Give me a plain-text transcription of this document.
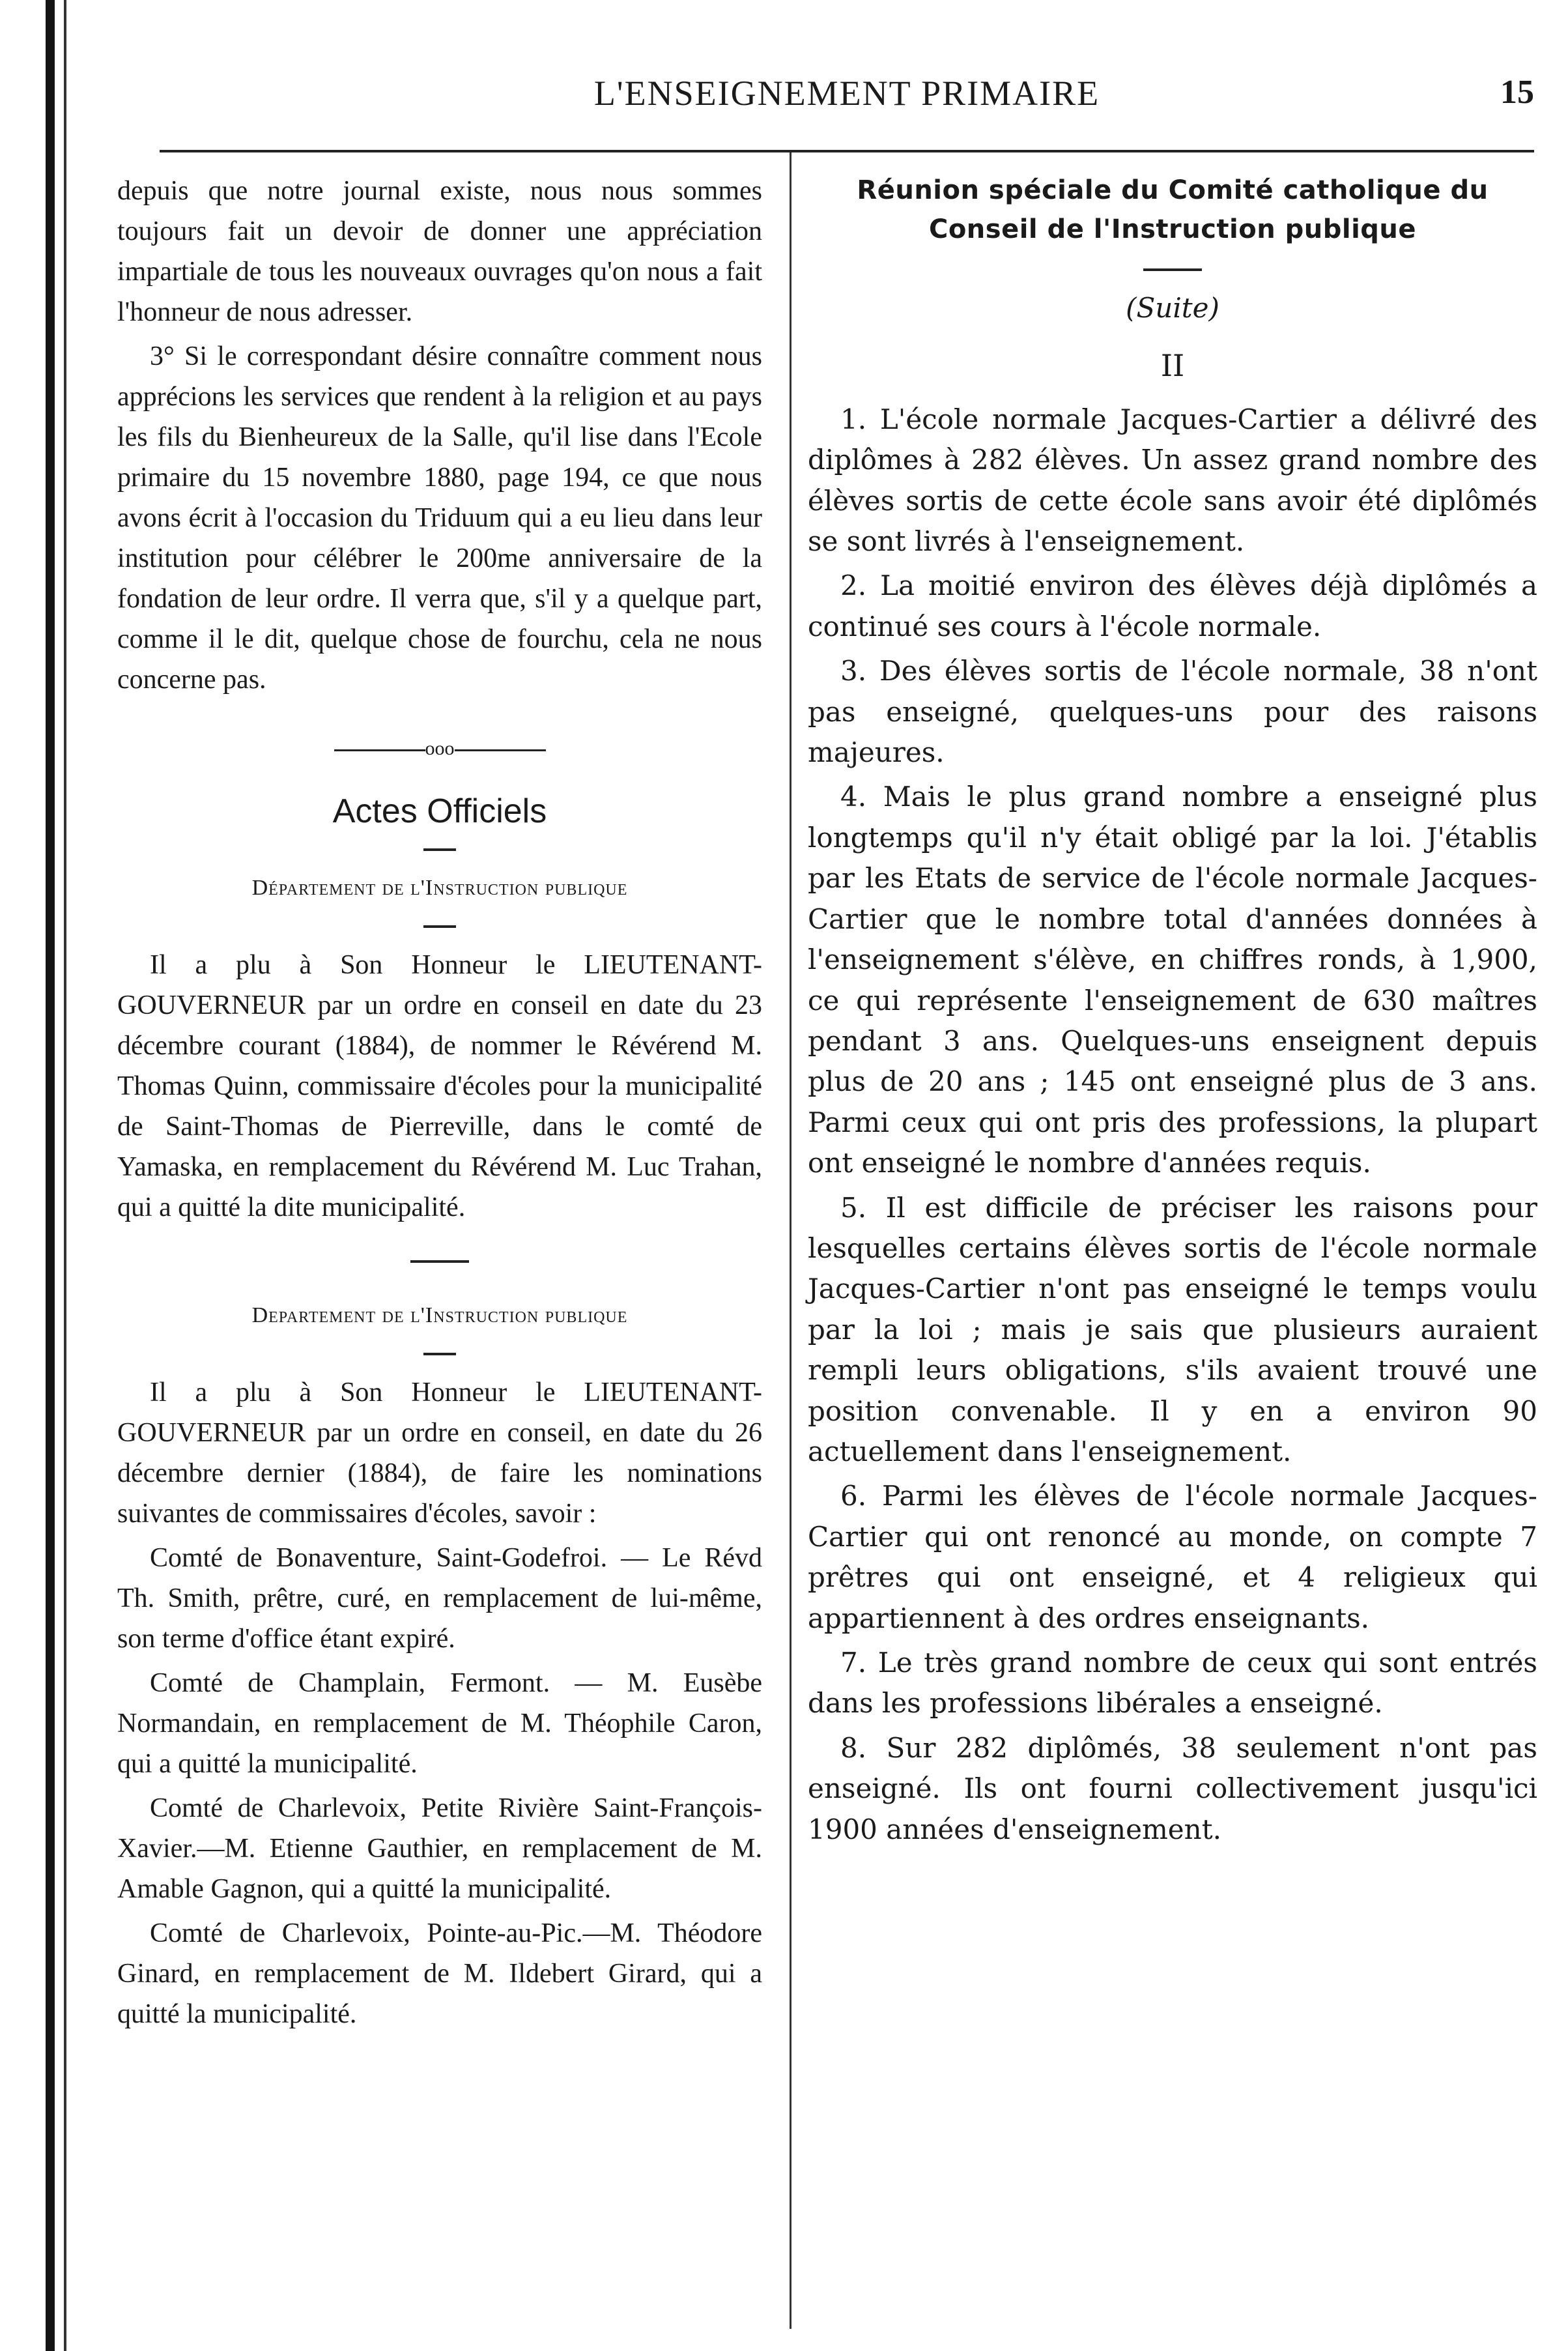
L'ENSEIGNEMENT PRIMAIRE	15

depuis que notre journal existe, nous nous sommes toujours fait un devoir de donner une appréciation impartiale de tous les nouveaux ouvrages qu'on nous a fait l'honneur de nous adresser.

3° Si le correspondant désire connaître comment nous apprécions les services que rendent à la religion et au pays les fils du Bienheureux de la Salle, qu'il lise dans l'Ecole primaire du 15 novembre 1880, page 194, ce que nous avons écrit à l'occasion du Triduum qui a eu lieu dans leur institution pour célébrer le 200me anniversaire de la fondation de leur ordre. Il verra que, s'il y a quelque part, comme il le dit, quelque chose de fourchu, cela ne nous concerne pas.

ooo
Actes Officiels
Département de l'Instruction publique

Il a plu à Son Honneur le LIEUTENANT-GOUVERNEUR par un ordre en conseil en date du 23 décembre courant (1884), de nommer le Révérend M. Thomas Quinn, commissaire d'écoles pour la municipalité de Saint-Thomas de Pierreville, dans le comté de Yamaska, en remplacement du Révérend M. Luc Trahan, qui a quitté la dite municipalité.

Departement de l'Instruction publique

Il a plu à Son Honneur le LIEUTENANT-GOUVERNEUR par un ordre en conseil, en date du 26 décembre dernier (1884), de faire les nominations suivantes de commissaires d'écoles, savoir :

Comté de Bonaventure, Saint-Godefroi. — Le Révd Th. Smith, prêtre, curé, en remplacement de lui-même, son terme d'office étant expiré.

Comté de Champlain, Fermont. — M. Eusèbe Normandain, en remplacement de M. Théophile Caron, qui a quitté la municipalité.

Comté de Charlevoix, Petite Rivière Saint-François-Xavier.—M. Etienne Gauthier, en remplacement de M. Amable Gagnon, qui a quitté la municipalité.

Comté de Charlevoix, Pointe-au-Pic.—M. Théodore Ginard, en remplacement de M. Ildebert Girard, qui a quitté la municipalité.

Réunion spéciale du Comité catholique du Conseil de l'Instruction publique
(Suite)
II

1. L'école normale Jacques-Cartier a délivré des diplômes à 282 élèves. Un assez grand nombre des élèves sortis de cette école sans avoir été diplômés se sont livrés à l'enseignement.

2. La moitié environ des élèves déjà diplômés a continué ses cours à l'école normale.

3. Des élèves sortis de l'école normale, 38 n'ont pas enseigné, quelques-uns pour des raisons majeures.

4. Mais le plus grand nombre a enseigné plus longtemps qu'il n'y était obligé par la loi. J'établis par les Etats de service de l'école normale Jacques-Cartier que le nombre total d'années données à l'enseignement s'élève, en chiffres ronds, à 1,900, ce qui représente l'enseignement de 630 maîtres pendant 3 ans. Quelques-uns enseignent depuis plus de 20 ans ; 145 ont enseigné plus de 3 ans. Parmi ceux qui ont pris des professions, la plupart ont enseigné le nombre d'années requis.

5. Il est difficile de préciser les raisons pour lesquelles certains élèves sortis de l'école normale Jacques-Cartier n'ont pas enseigné le temps voulu par la loi ; mais je sais que plusieurs auraient rempli leurs obligations, s'ils avaient trouvé une position convenable. Il y en a environ 90 actuellement dans l'enseignement.

6. Parmi les élèves de l'école normale Jacques-Cartier qui ont renoncé au monde, on compte 7 prêtres qui ont enseigné, et 4 religieux qui appartiennent à des ordres enseignants.

7. Le très grand nombre de ceux qui sont entrés dans les professions libérales a enseigné.

8. Sur 282 diplômés, 38 seulement n'ont pas enseigné. Ils ont fourni collectivement jusqu'ici 1900 années d'enseignement.
